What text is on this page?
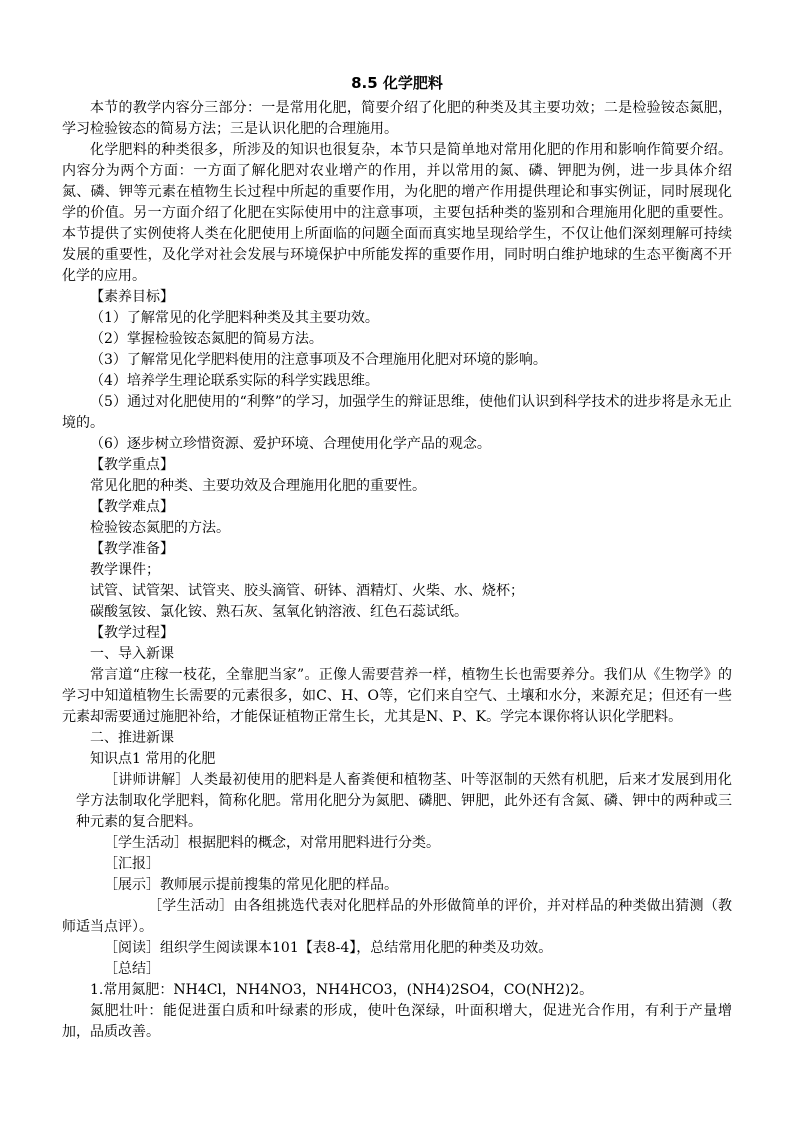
8.5 化学肥料

本节的教学内容分三部分：一是常用化肥，简要介绍了化肥的种类及其主要功效；二是检验铵态氮肥，学习检验铵态的简易方法；三是认识化肥的合理施用。

化学肥料的种类很多，所涉及的知识也很复杂，本节只是简单地对常用化肥的作用和影响作简要介绍。内容分为两个方面：一方面了解化肥对农业增产的作用，并以常用的氮、磷、钾肥为例，进一步具体介绍氮、磷、钾等元素在植物生长过程中所起的重要作用，为化肥的增产作用提供理论和事实例证，同时展现化学的价值。另一方面介绍了化肥在实际使用中的注意事项，主要包括种类的鉴别和合理施用化肥的重要性。本节提供了实例使将人类在化肥使用上所面临的问题全面而真实地呈现给学生，不仅让他们深刻理解可持续发展的重要性，及化学对社会发展与环境保护中所能发挥的重要作用，同时明白维护地球的生态平衡离不开化学的应用。

【素养目标】

（1）了解常见的化学肥料种类及其主要功效。

（2）掌握检验铵态氮肥的简易方法。

（3）了解常见化学肥料使用的注意事项及不合理施用化肥对环境的影响。

（4）培养学生理论联系实际的科学实践思维。

（5）通过对化肥使用的“利弊”的学习，加强学生的辩证思维，使他们认识到科学技术的进步将是永无止境的。

（6）逐步树立珍惜资源、爱护环境、合理使用化学产品的观念。

【教学重点】

常见化肥的种类、主要功效及合理施用化肥的重要性。

【教学难点】

检验铵态氮肥的方法。

【教学准备】

教学课件；

试管、试管架、试管夹、胶头滴管、研钵、酒精灯、火柴、水、烧杯；

碳酸氢铵、氯化铵、熟石灰、氢氧化钠溶液、红色石蕊试纸。

【教学过程】

一、导入新课

常言道“庄稼一枝花，全靠肥当家”。正像人需要营养一样，植物生长也需要养分。我们从《生物学》的学习中知道植物生长需要的元素很多，如C、H、O等，它们来自空气、土壤和水分，来源充足；但还有一些元素却需要通过施肥补给，才能保证植物正常生长，尤其是N、P、K。学完本课你将认识化学肥料。

二、推进新课

知识点1 常用的化肥

［讲师讲解］人类最初使用的肥料是人畜粪便和植物茎、叶等沤制的天然有机肥，后来才发展到用化学方法制取化学肥料，简称化肥。常用化肥分为氮肥、磷肥、钾肥，此外还有含氮、磷、钾中的两种或三种元素的复合肥料。

［学生活动］根据肥料的概念，对常用肥料进行分类。

［汇报］

［展示］教师展示提前搜集的常见化肥的样品。

［学生活动］由各组挑选代表对化肥样品的外形做简单的评价，并对样品的种类做出猜测（教师适当点评）。

［阅读］组织学生阅读课本101【表8-4】，总结常用化肥的种类及功效。

［总结］

1.常用氮肥：NH4Cl，NH4NO3，NH4HCO3，(NH4)2SO4，CO(NH2)2。

氮肥壮叶：能促进蛋白质和叶绿素的形成，使叶色深绿，叶面积增大，促进光合作用，有利于产量增加，品质改善。
